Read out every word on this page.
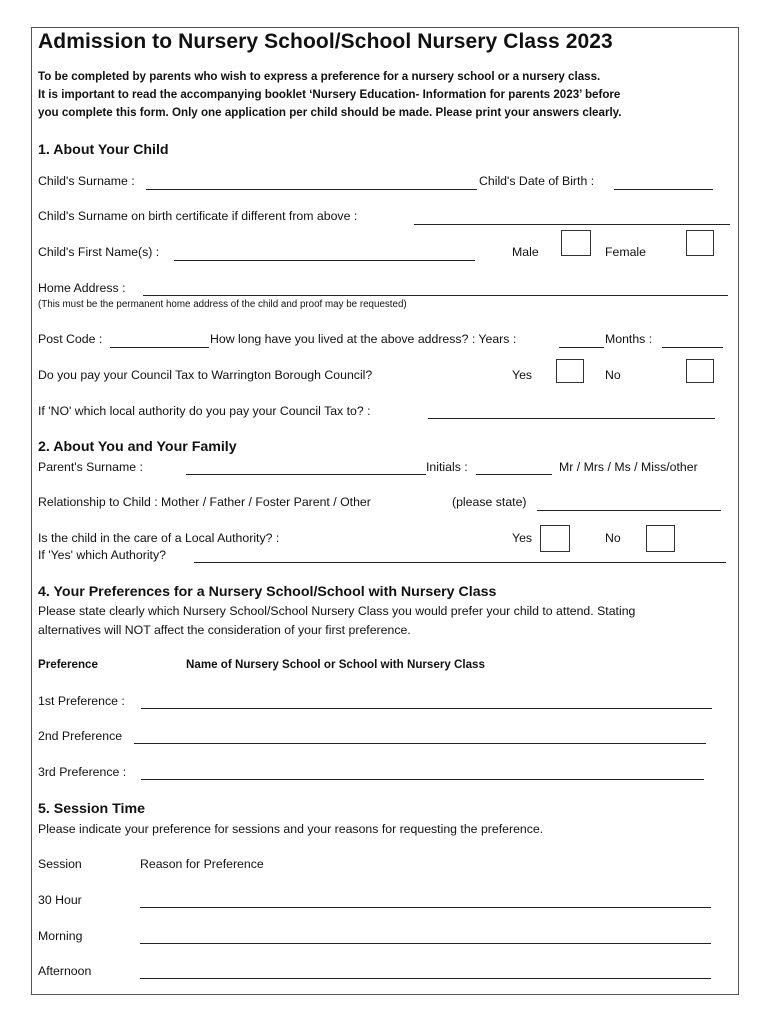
Admission to Nursery School/School Nursery Class 2023
To be completed by parents who wish to express a preference for a nursery school or a nursery class.
It is important to read the accompanying booklet ‘Nursery Education- Information for parents 2023’ before
you complete this form. Only one application per child should be made. Please print your answers clearly.
1. About Your Child
Child's Surname :	Child's Date of Birth :
Child's Surname on birth certificate if different from above :
Child's First Name(s) :	Male	Female
Home Address :
(This must be the permanent home address of the child and proof may be requested)
Post Code :	How long have you lived at the above address? : Years :	Months :
Do you pay your Council Tax to Warrington Borough Council?	Yes	No
If 'NO' which local authority do you pay your Council Tax to? :
2. About You and Your Family
Parent's Surname :	Initials :	Mr / Mrs / Ms / Miss/other
Relationship to Child : Mother / Father / Foster Parent / Other	(please state)
Is the child in the care of a Local Authority? :	Yes	No
If 'Yes' which Authority?
4. Your Preferences for a Nursery School/School with Nursery Class
Please state clearly which Nursery School/School Nursery Class you would prefer your child to attend. Stating
alternatives will NOT affect the consideration of your first preference.
Preference	Name of Nursery School or School with Nursery Class
1st Preference :
2nd Preference
3rd Preference :
5. Session Time
Please indicate your preference for sessions and your reasons for requesting the preference.
Session	Reason for Preference
30 Hour
Morning
Afternoon
